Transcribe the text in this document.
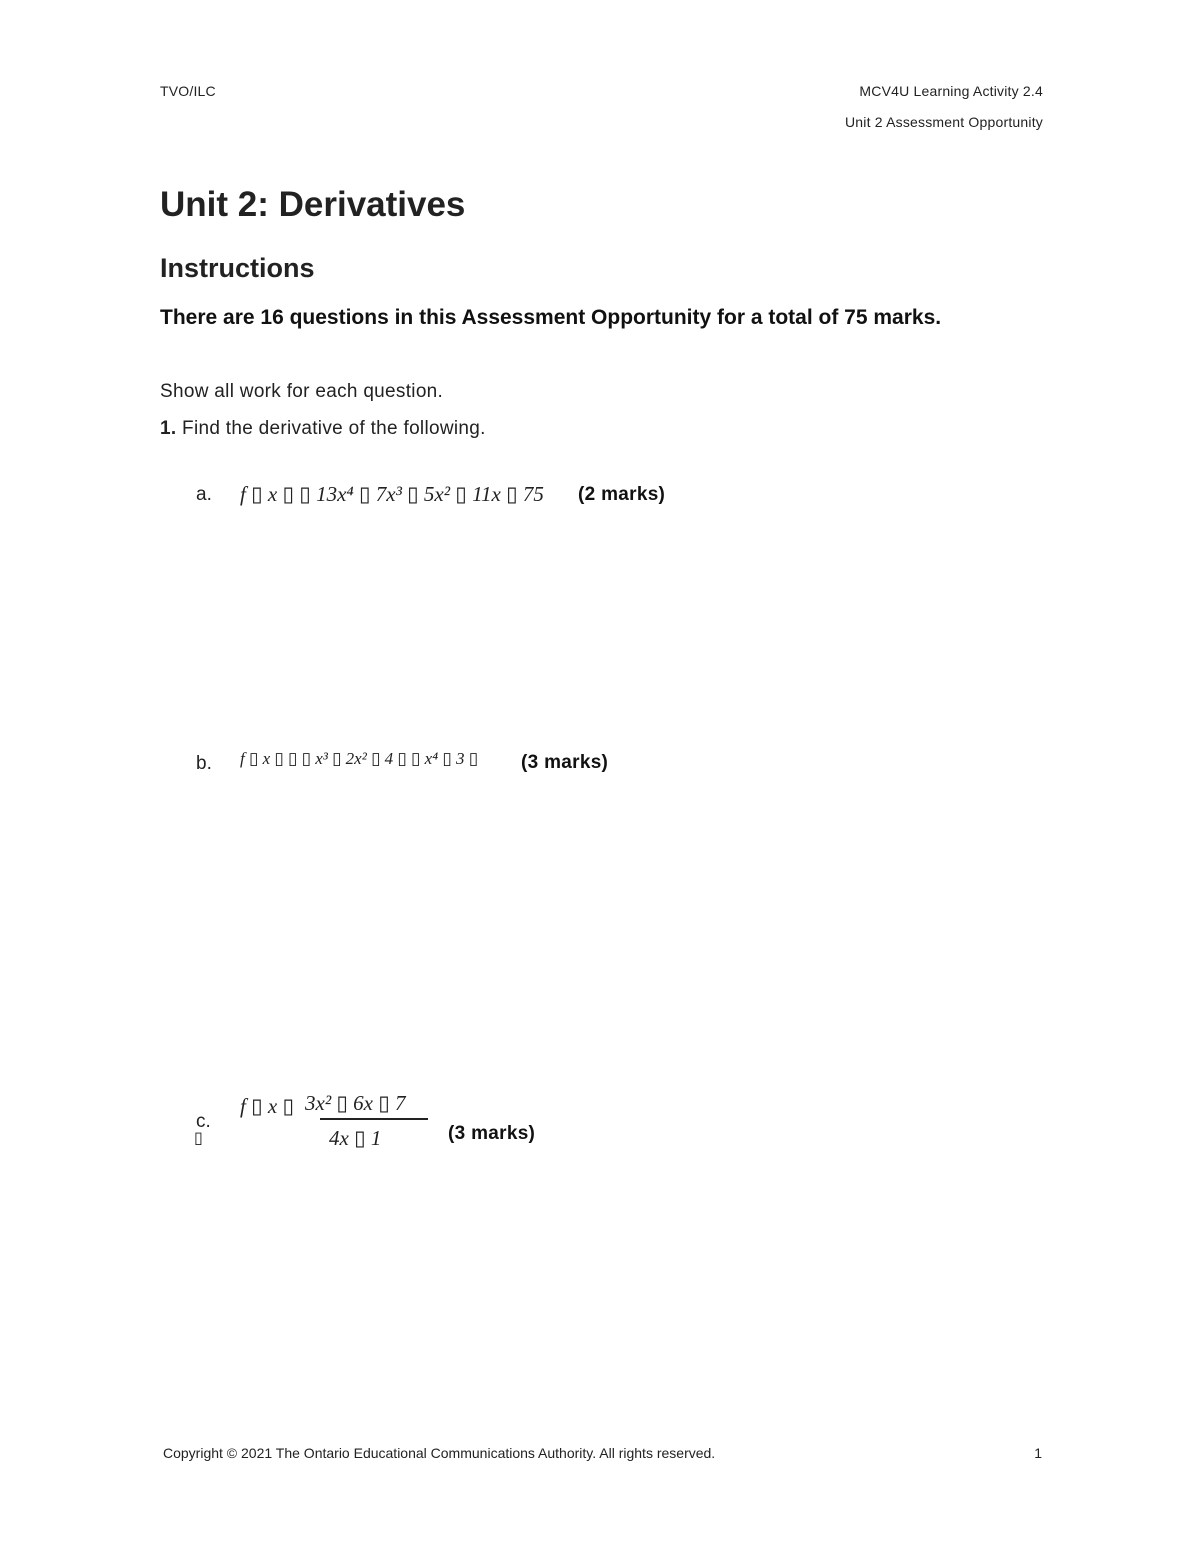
TVO/ILC	MCV4U Learning Activity 2.4
Unit 2 Assessment Opportunity
Unit 2: Derivatives
Instructions
There are 16 questions in this Assessment Opportunity for a total of 75 marks.
Show all work for each question.
1. Find the derivative of the following.
a. f ▯ x ▯ ▯ 13x⁴ ▯ 7x³ ▯ 5x² ▯ 11x ▯ 75 (2 marks)
b. f ▯ x ▯ ▯ ▯ x³ ▯ 2x² ▯ 4 ▯ ▯ x⁴ ▯ 3 ▯ (3 marks)
c.
▯
f ▯ x ▯ 3x² ▯ 6x ▯ 7
4x ▯ 1	(3 marks)
Copyright © 2021 The Ontario Educational Communications Authority. All rights reserved.	1
